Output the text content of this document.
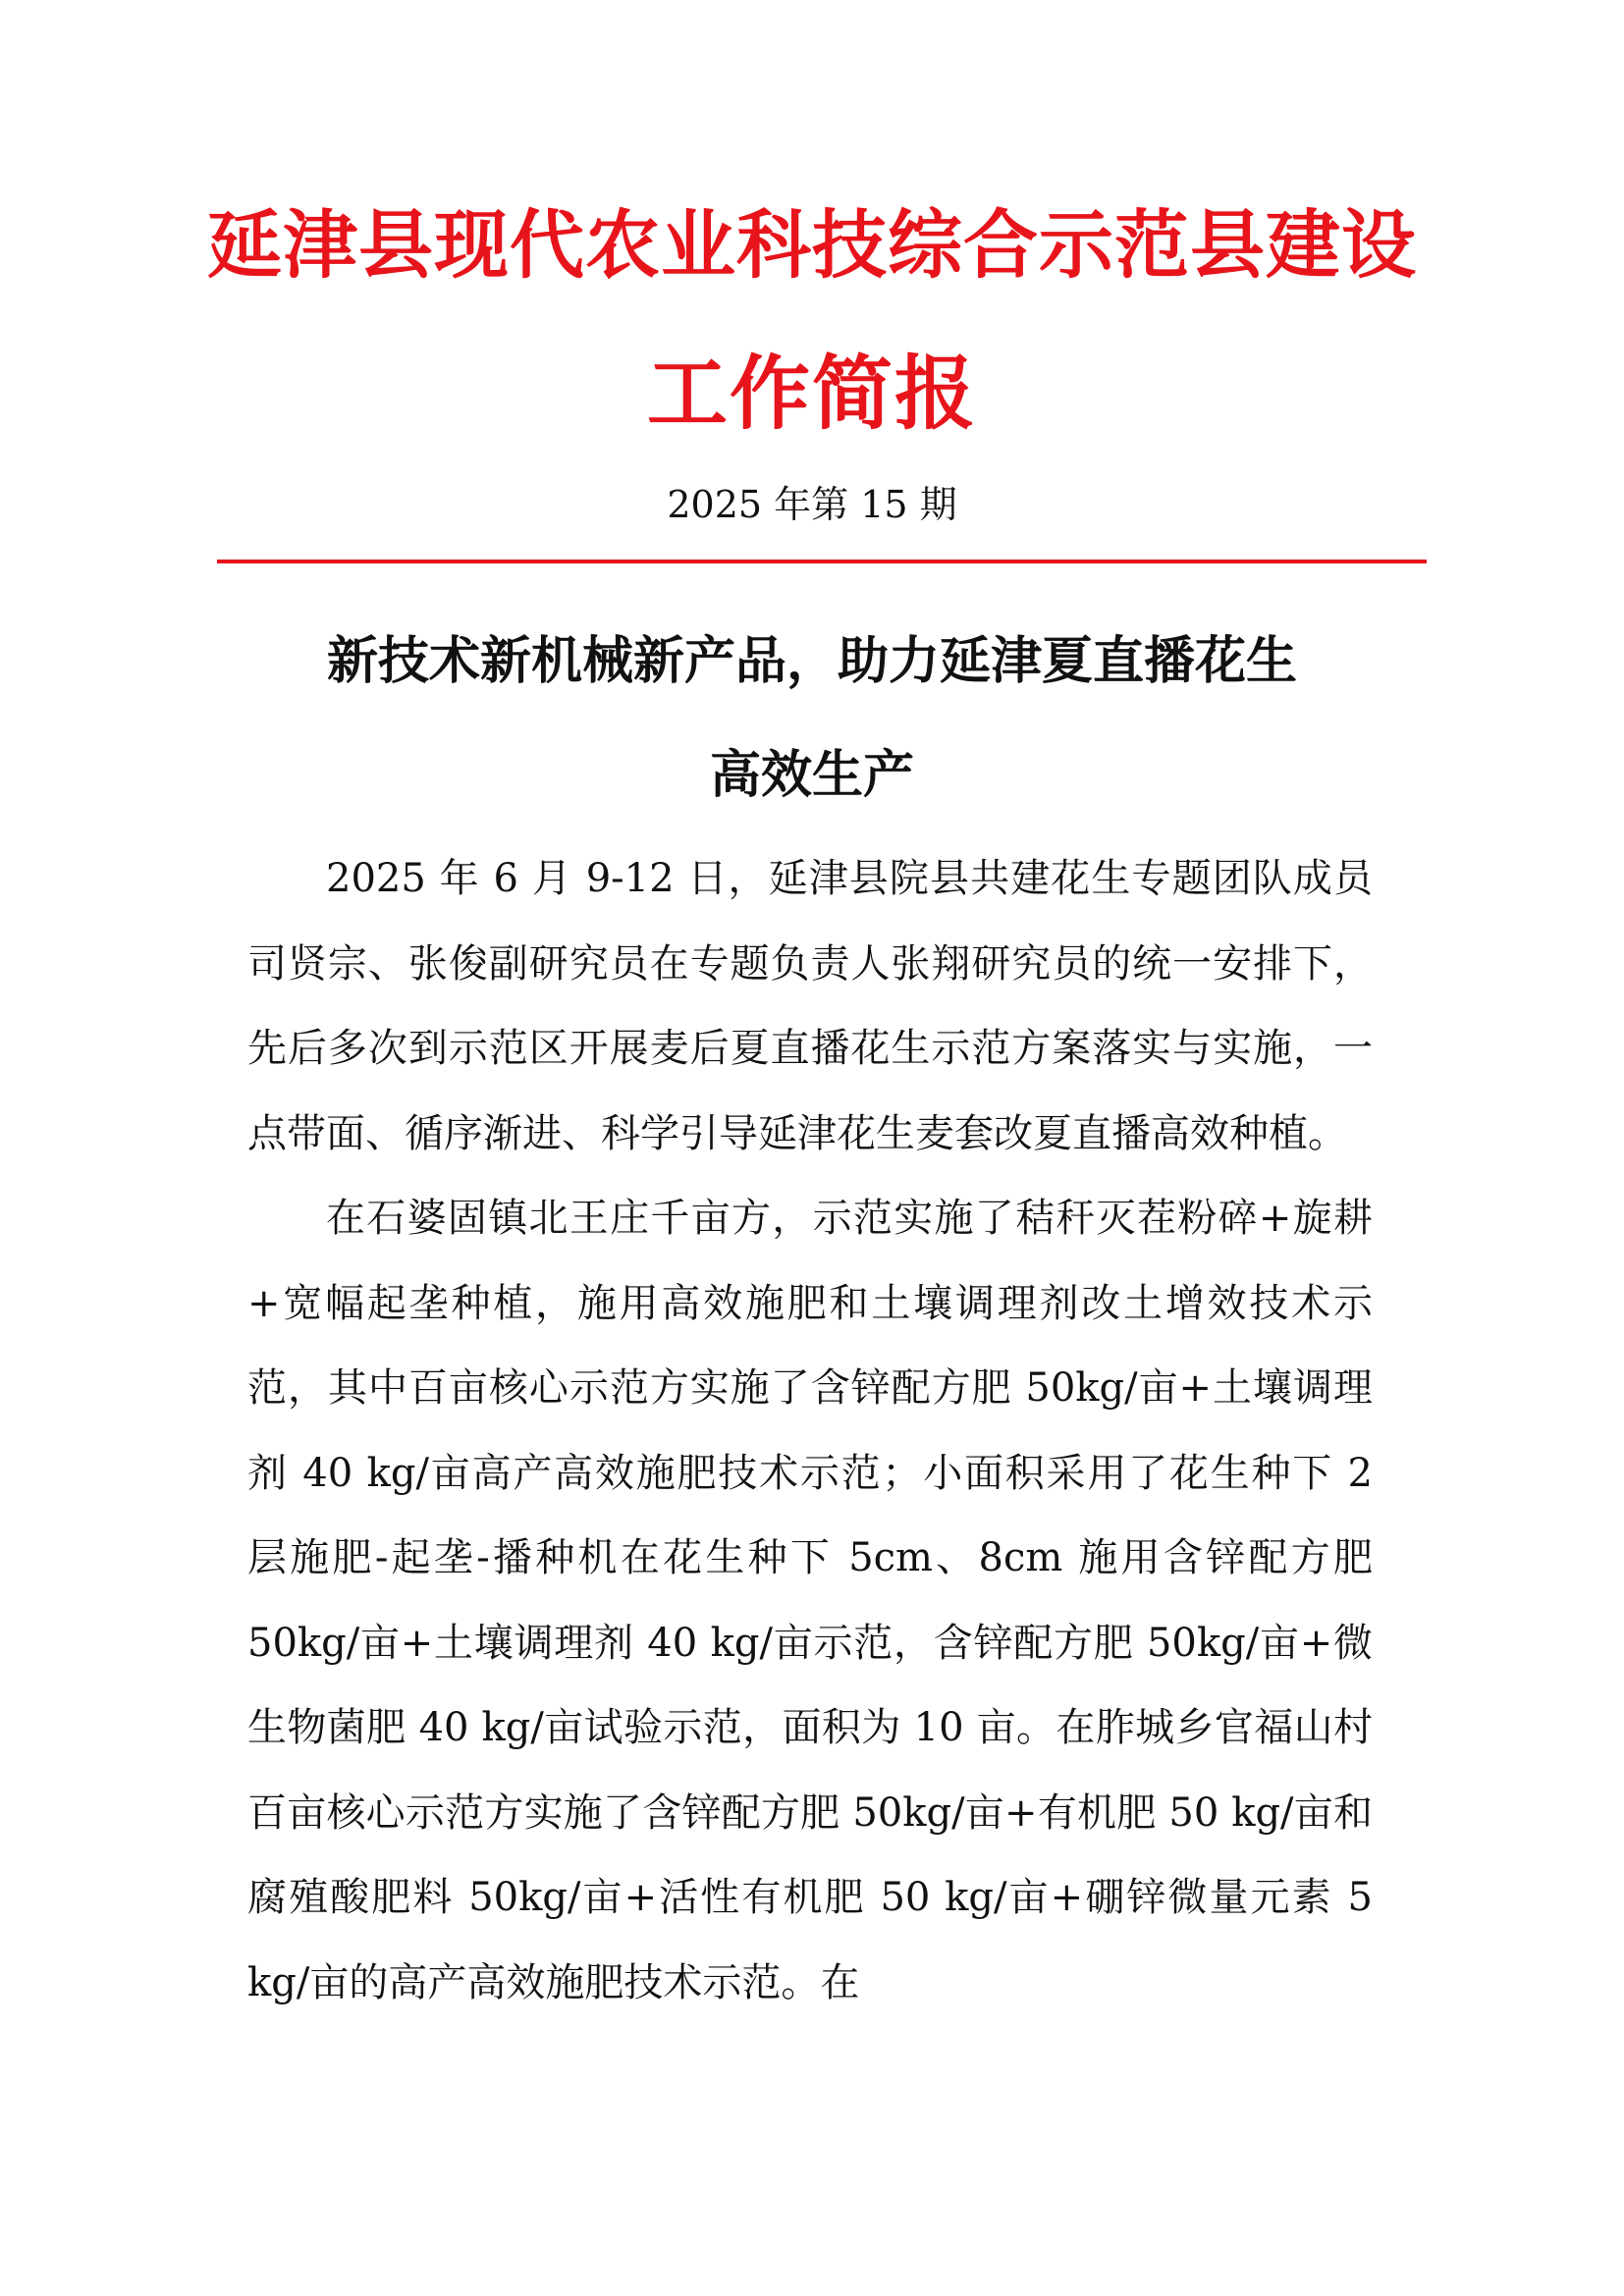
延津县现代农业科技综合示范县建设
工作简报
2025 年第 15 期
新技术新机械新产品，助力延津夏直播花生
高效生产

2025 年 6 月 9-12 日，延津县院县共建花生专题团队成员司贤宗、张俊副研究员在专题负责人张翔研究员的统一安排下，先后多次到示范区开展麦后夏直播花生示范方案落实与实施，一点带面、循序渐进、科学引导延津花生麦套改夏直播高效种植。

在石婆固镇北王庄千亩方，示范实施了秸秆灭茬粉碎+旋耕+宽幅起垄种植，施用高效施肥和土壤调理剂改土增效技术示范，其中百亩核心示范方实施了含锌配方肥 50kg/亩+土壤调理剂 40 kg/亩高产高效施肥技术示范；小面积采用了花生种下 2 层施肥-起垄-播种机在花生种下 5cm、8cm 施用含锌配方肥 50kg/亩+土壤调理剂 40 kg/亩示范，含锌配方肥 50kg/亩+微生物菌肥 40 kg/亩试验示范，面积为 10 亩。在胙城乡官福山村百亩核心示范方实施了含锌配方肥 50kg/亩+有机肥 50 kg/亩和腐殖酸肥料 50kg/亩+活性有机肥 50 kg/亩+硼锌微量元素 5 kg/亩的高产高效施肥技术示范。在
